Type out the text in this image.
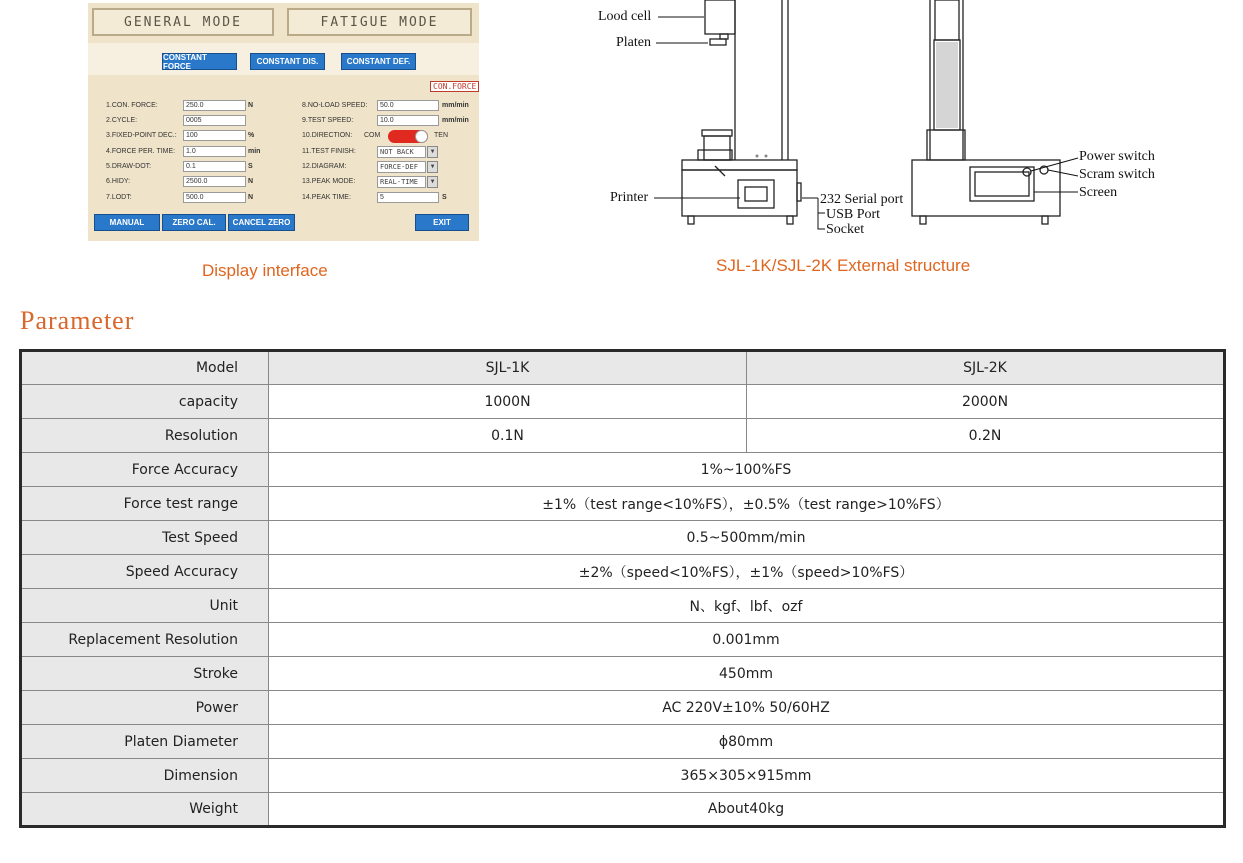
GENERAL MODE	FATIGUE MODE
CONSTANT FORCE	CONSTANT DIS.	CONSTANT DEF.
CON.FORCE
1.CON. FORCE:	250.0	N
2.CYCLE:	0005
3.FIXED-POINT DEC.:	100	%
4.FORCE PER. TIME:	1.0	min
5.DRAW-DOT:	0.1	S
6.HIDY:	2500.0	N
7.LODT:	500.0	N
8.NO-LOAD SPEED:	50.0	mm/min
9.TEST SPEED:	10.0	mm/min
10.DIRECTION: COM	TEN
11.TEST FINISH:	NOT BACK	▼
12.DIAGRAM:	FORCE-DEF	▼
13.PEAK MODE:	REAL-TIME	▼
14.PEAK TIME:	5	S
MANUAL	ZERO CAL.	CANCEL ZERO	EXIT
Display interface
Lood cell
Platen
Printer	232 Serial port
USB Port
Socket
Power switch
Scram switch
Screen
SJL-1K/SJL-2K External structure
Parameter
Model	SJL-1K	SJL-2K
capacity	1000N	2000N
Resolution	0.1N	0.2N
Force Accuracy	1%~100%FS	
Force test range	±1%（test range<10%FS），±0.5%（test range>10%FS）	
Test Speed	0.5~500mm/min	
Speed Accuracy	±2%（speed<10%FS），±1%（speed>10%FS）	
Unit	N、kgf、lbf、ozf	
Replacement Resolution	0.001mm	
Stroke	450mm	
Power	AC 220V±10% 50/60HZ	
Platen Diameter	ϕ80mm	
Dimension	365×305×915mm	
Weight	About40kg	
